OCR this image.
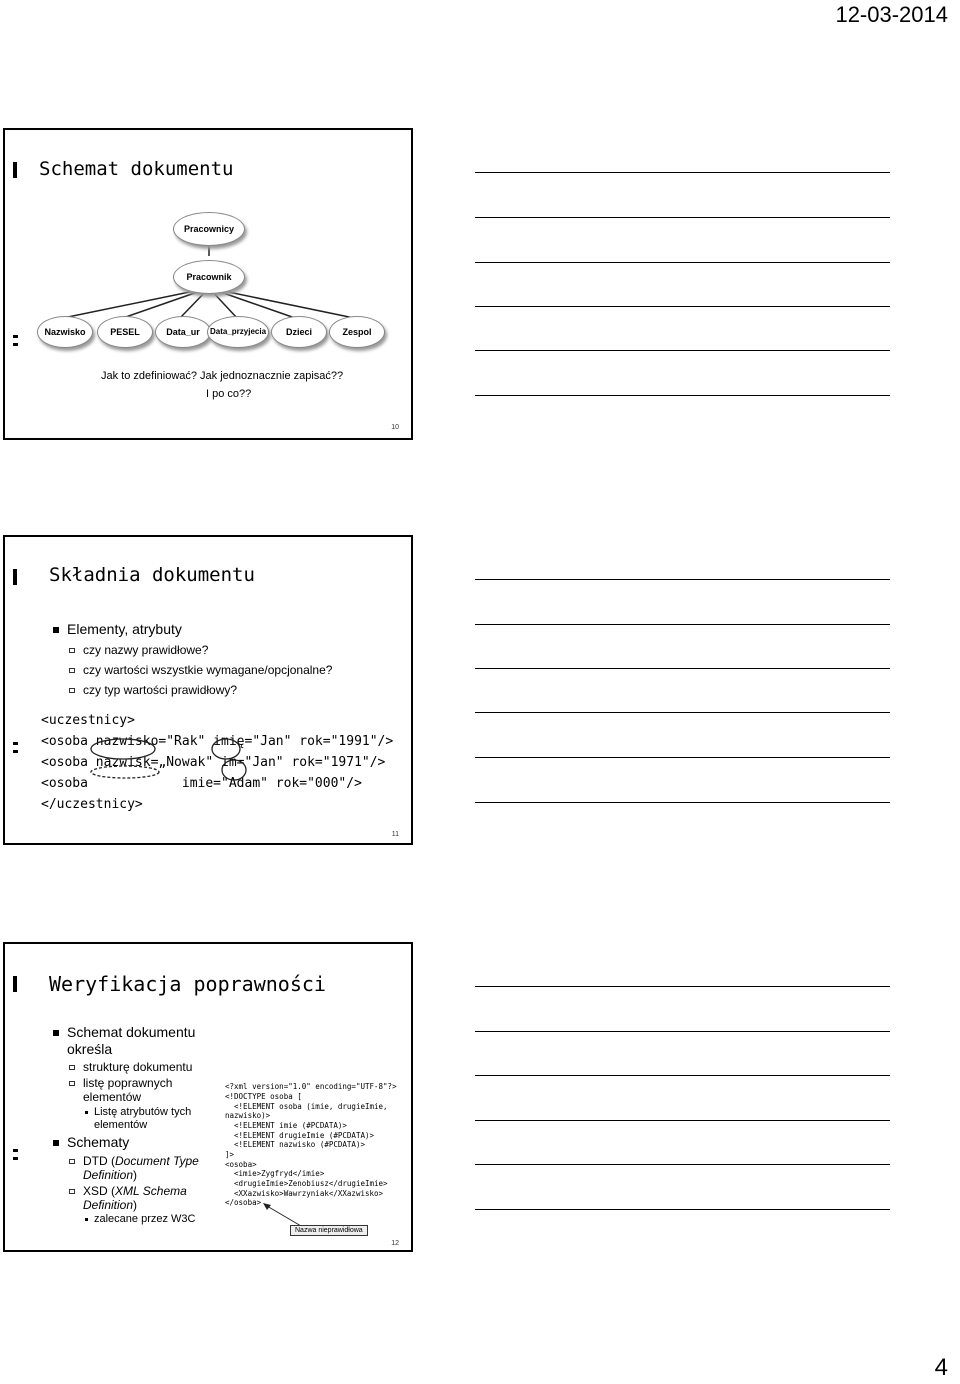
12-03-2014
Schemat dokumentu
Pracownicy
Pracownik
Nazwisko	PESEL	Data_ur	Data_przyjecia	Dzieci	Zespol
Jak to zdefiniować? Jak jednoznacznie zapisać??
I po co??
10
Składnia dokumentu
Elementy, atrybuty
czy nazwy prawidłowe?
czy wartości wszystkie wymagane/opcjonalne?
czy typ wartości prawidłowy?
<uczestnicy>
<osoba nazwisko="Rak" imię="Jan" rok="1991"/>
<osoba nazwisk=„Nowak" im="Jan" rok="1971"/>
<osoba            imie="Adam" rok="000"/>
</uczestnicy>
11
Weryfikacja poprawności
Schemat dokumentu
określa
strukturę dokumentu
listę poprawnych
elementów
Listę atrybutów tych
elementów
Schematy
DTD (Document Type
Definition)
XSD (XML Schema
Definition)
zalecane przez W3C
<?xml version="1.0" encoding="UTF-8"?>
<!DOCTYPE osoba [
<!ELEMENT osoba (imie, drugieImie,
nazwisko)>
<!ELEMENT imie (#PCDATA)>
<!ELEMENT drugieImie (#PCDATA)>
<!ELEMENT nazwisko (#PCDATA)>
]>
<osoba>
<imie>Zygfryd</imie>
<drugieImie>Zenobiusz</drugieImie>
<XXazwisko>Wawrzyniak</XXazwisko>
</osoba>
Nazwa nieprawidłowa
12
4
